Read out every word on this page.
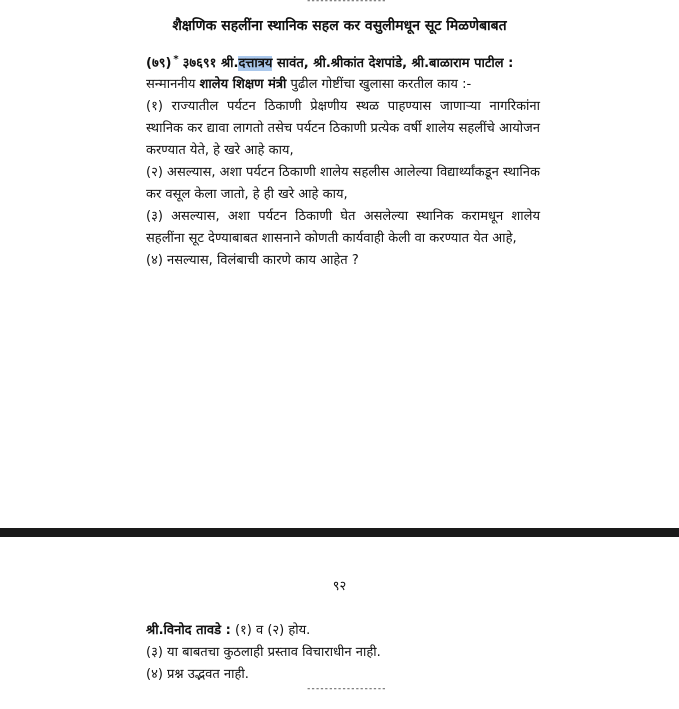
------------------
शैक्षणिक सहलींना स्थानिक सहल कर वसुलीमधून सूट मिळणेबाबत
(७९) * ३७६९१ श्री.दत्तात्रय सावंत, श्री.श्रीकांत देशपांडे, श्री.बाळाराम पाटील :

सन्माननीय शालेय शिक्षण मंत्री पुढील गोष्टींचा खुलासा करतील काय :-

(१) राज्यातील पर्यटन ठिकाणी प्रेक्षणीय स्थळ पाहण्यास जाणाऱ्या नागरिकांना स्थानिक कर द्यावा लागतो तसेच पर्यटन ठिकाणी प्रत्येक वर्षी शालेय सहलींचे आयोजन करण्यात येते, हे खरे आहे काय,

(२) असल्यास, अशा पर्यटन ठिकाणी शालेय सहलीस आलेल्या विद्यार्थ्यांकडून स्थानिक कर वसूल केला जातो, हे ही खरे आहे काय,

(३) असल्यास, अशा पर्यटन ठिकाणी घेत असलेल्या स्थानिक करामधून शालेय सहलींना सूट देण्याबाबत शासनाने कोणती कार्यवाही केली वा करण्यात येत आहे,

(४) नसल्यास, विलंबाची कारणे काय आहेत ?

९२

श्री.विनोद तावडे : (१) व (२) होय.

(३) या बाबतचा कुठलाही प्रस्ताव विचाराधीन नाही.

(४) प्रश्न उद्भवत नाही.

------------------
